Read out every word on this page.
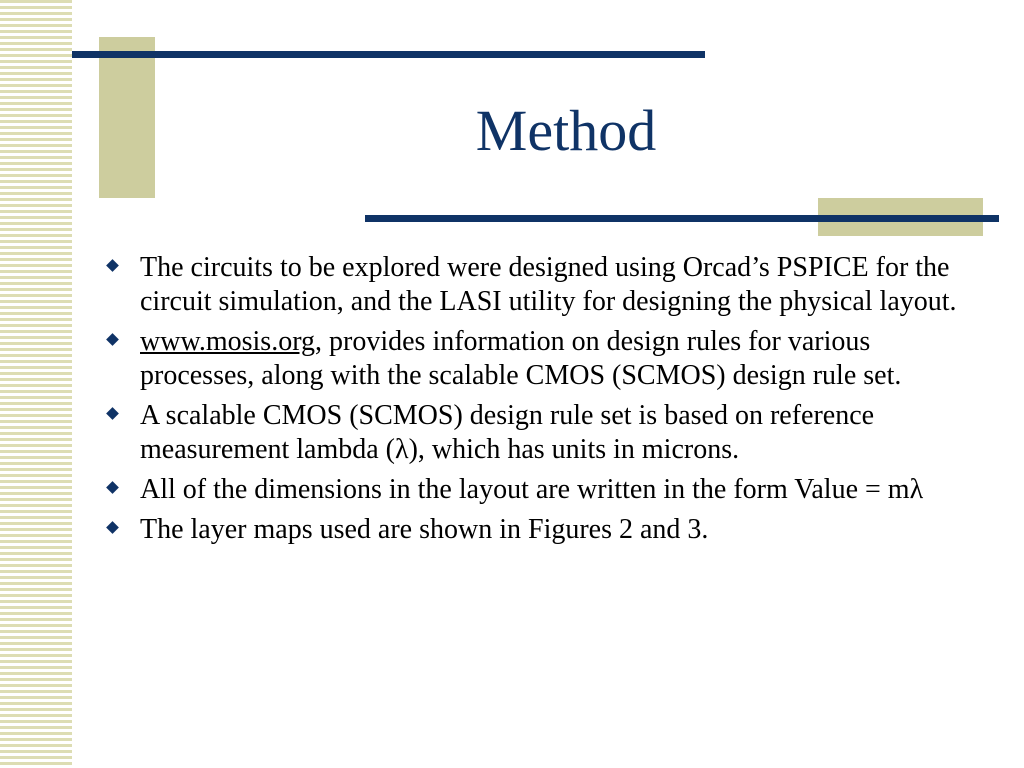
Method
The circuits to be explored were designed using Orcad’s PSPICE for the circuit simulation, and the LASI utility for designing the physical layout.
www.mosis.org, provides information on design rules for various processes, along with the scalable CMOS (SCMOS) design rule set.
A scalable CMOS (SCMOS) design rule set is based on reference measurement lambda (λ), which has units in microns.
All of the dimensions in the layout are written in the form Value = mλ
The layer maps used are shown in Figures 2 and 3.
